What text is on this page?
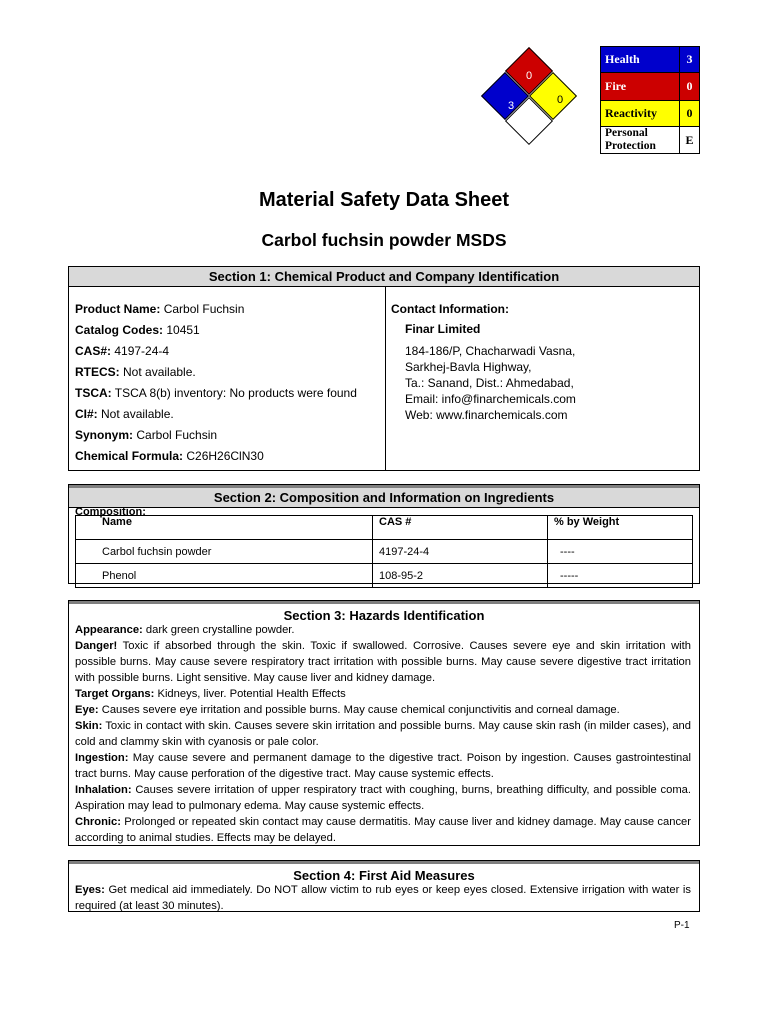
0
3	0
Health	3
Fire	0
Reactivity	0
Personal Protection	E
Material Safety Data Sheet
Carbol fuchsin powder MSDS
Section 1: Chemical Product and Company Identification
Product Name: Carbol Fuchsin
Catalog Codes: 10451
CAS#: 4197-24-4
RTECS: Not available.
TSCA: TSCA 8(b) inventory: No products were found
CI#: Not available.
Synonym: Carbol Fuchsin
Chemical Formula: C26H26ClN30
Contact Information:
Finar Limited
184-186/P, Chacharwadi Vasna,
Sarkhej-Bavla Highway,
Ta.: Sanand, Dist.: Ahmedabad,
Email: info@finarchemicals.com
Web: www.finarchemicals.com
Section 2: Composition and Information on Ingredients
Composition:
Name	CAS #	% by Weight
Carbol fuchsin powder	4197-24-4	----
Phenol	108-95-2	-----
Section 3: Hazards Identification
Appearance: dark green crystalline powder.
Danger! Toxic if absorbed through the skin. Toxic if swallowed. Corrosive. Causes severe eye and skin irritation with possible burns. May cause severe respiratory tract irritation with possible burns. May cause severe digestive tract irritation with possible burns. Light sensitive. May cause liver and kidney damage.
Target Organs: Kidneys, liver. Potential Health Effects
Eye: Causes severe eye irritation and possible burns. May cause chemical conjunctivitis and corneal damage.
Skin: Toxic in contact with skin. Causes severe skin irritation and possible burns. May cause skin rash (in milder cases), and cold and clammy skin with cyanosis or pale color.
Ingestion: May cause severe and permanent damage to the digestive tract. Poison by ingestion. Causes gastrointestinal tract burns. May cause perforation of the digestive tract. May cause systemic effects.
Inhalation: Causes severe irritation of upper respiratory tract with coughing, burns, breathing difficulty, and possible coma. Aspiration may lead to pulmonary edema. May cause systemic effects.
Chronic: Prolonged or repeated skin contact may cause dermatitis. May cause liver and kidney damage. May cause cancer according to animal studies. Effects may be delayed.
Section 4: First Aid Measures
Eyes: Get medical aid immediately. Do NOT allow victim to rub eyes or keep eyes closed. Extensive irrigation with water is required (at least 30 minutes).
P-1
